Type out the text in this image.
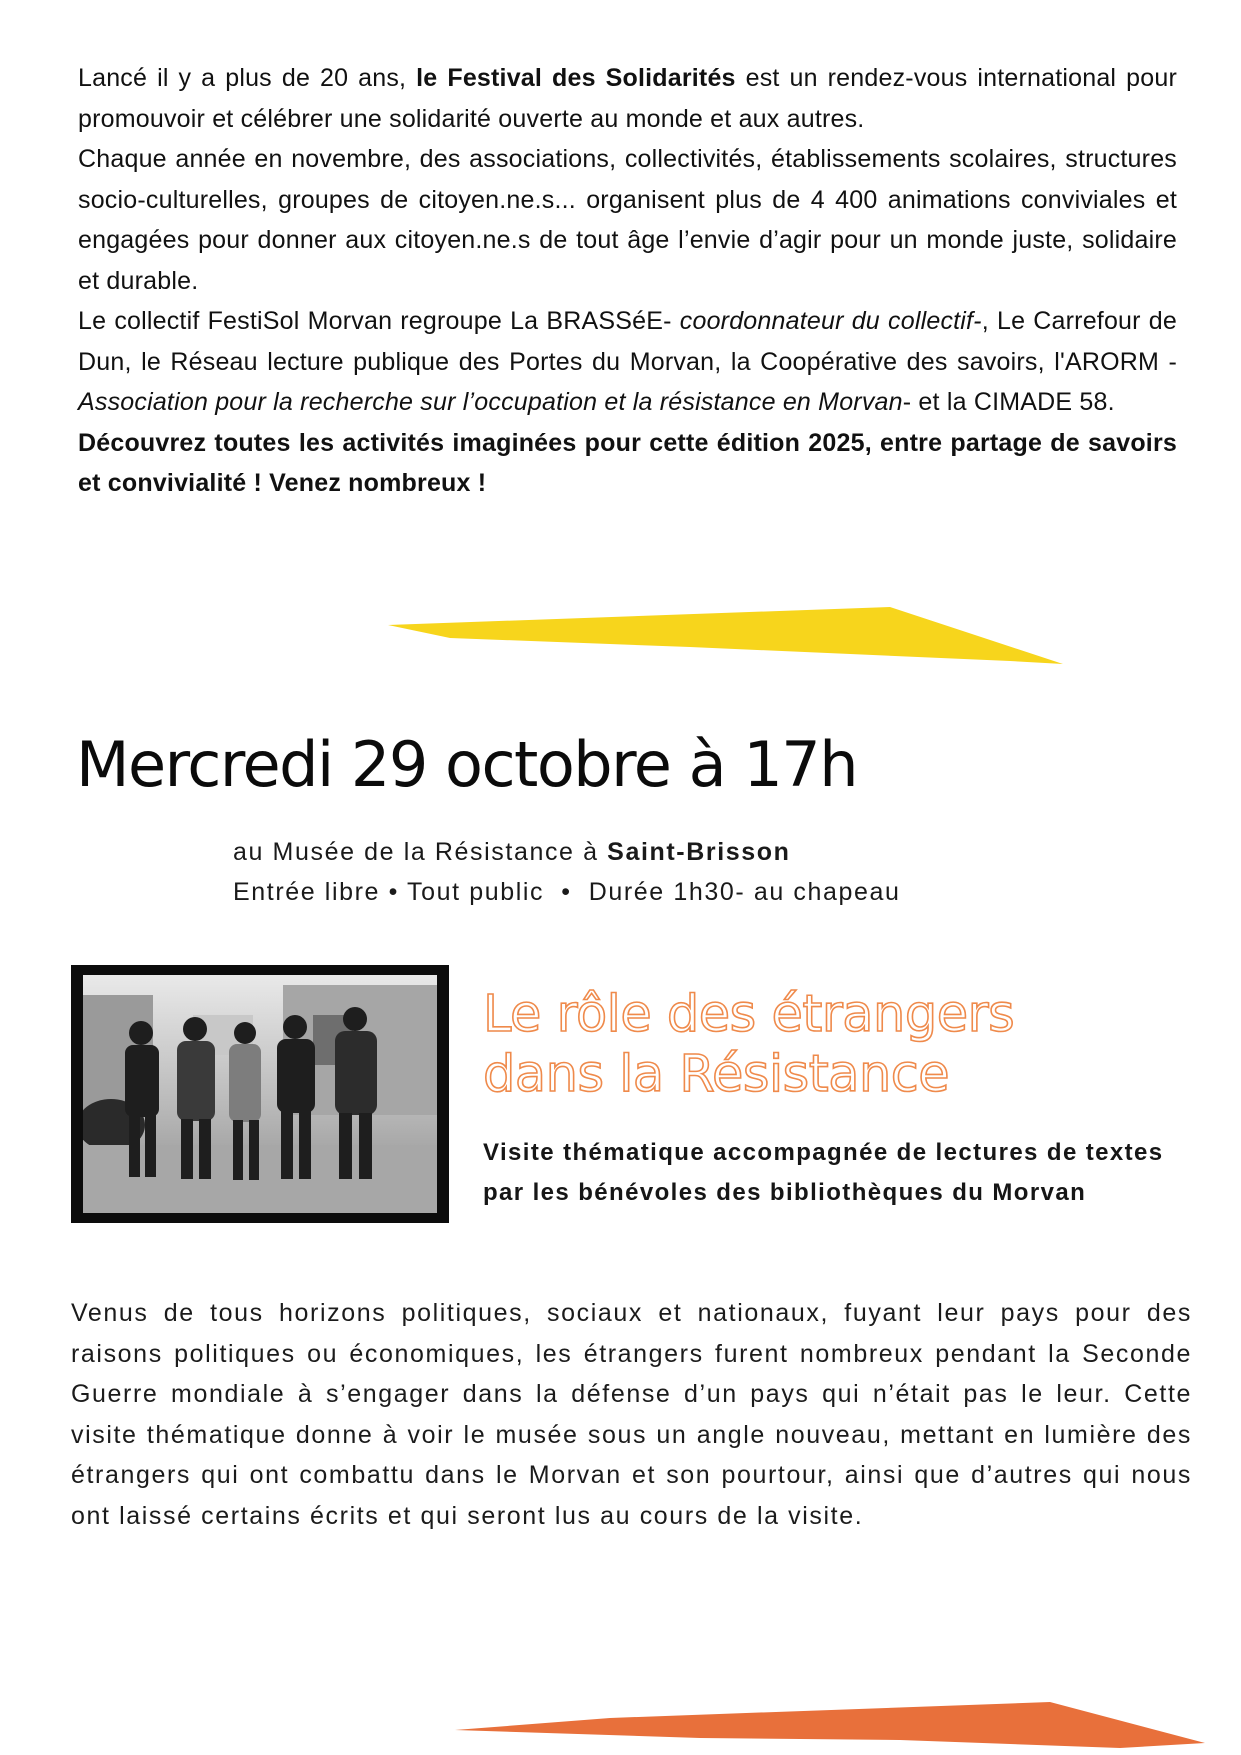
Lancé il y a plus de 20 ans, le Festival des Solidarités est un rendez-vous international pour promouvoir et célébrer une solidarité ouverte au monde et aux autres.

Chaque année en novembre, des associations, collectivités, établissements scolaires, structures socio-culturelles, groupes de citoyen.ne.s... organisent plus de 4 400 animations conviviales et engagées pour donner aux citoyen.ne.s de tout âge l’envie d’agir pour un monde juste, solidaire et durable.

Le collectif FestiSol Morvan regroupe La BRASSéE- coordonnateur du collectif-, Le Carrefour de Dun, le Réseau lecture publique des Portes du Morvan, la Coopérative des savoirs, l'ARORM - Association pour la recherche sur l’occupation et la résistance en Morvan- et la CIMADE 58.

Découvrez toutes les activités imaginées pour cette édition 2025, entre partage de savoirs et convivialité ! Venez nombreux !

Mercredi 29 octobre à 17h
au Musée de la Résistance à Saint-Brisson
Entrée libre • Tout public  •  Durée 1h30- au chapeau
Le rôle des étrangers
dans la Résistance
Visite thématique accompagnée de lectures de textes par les bénévoles des bibliothèques du Morvan

Venus de tous horizons politiques, sociaux et nationaux, fuyant leur pays pour des raisons politiques ou économiques, les étrangers furent nombreux pendant la Seconde Guerre mondiale à s’engager dans la défense d’un pays qui n’était pas le leur. Cette visite thématique donne à voir le musée sous un angle nouveau, mettant en lumière des étrangers qui ont combattu dans le Morvan et son pourtour, ainsi que d’autres qui nous ont laissé certains écrits et qui seront lus au cours de la visite.
